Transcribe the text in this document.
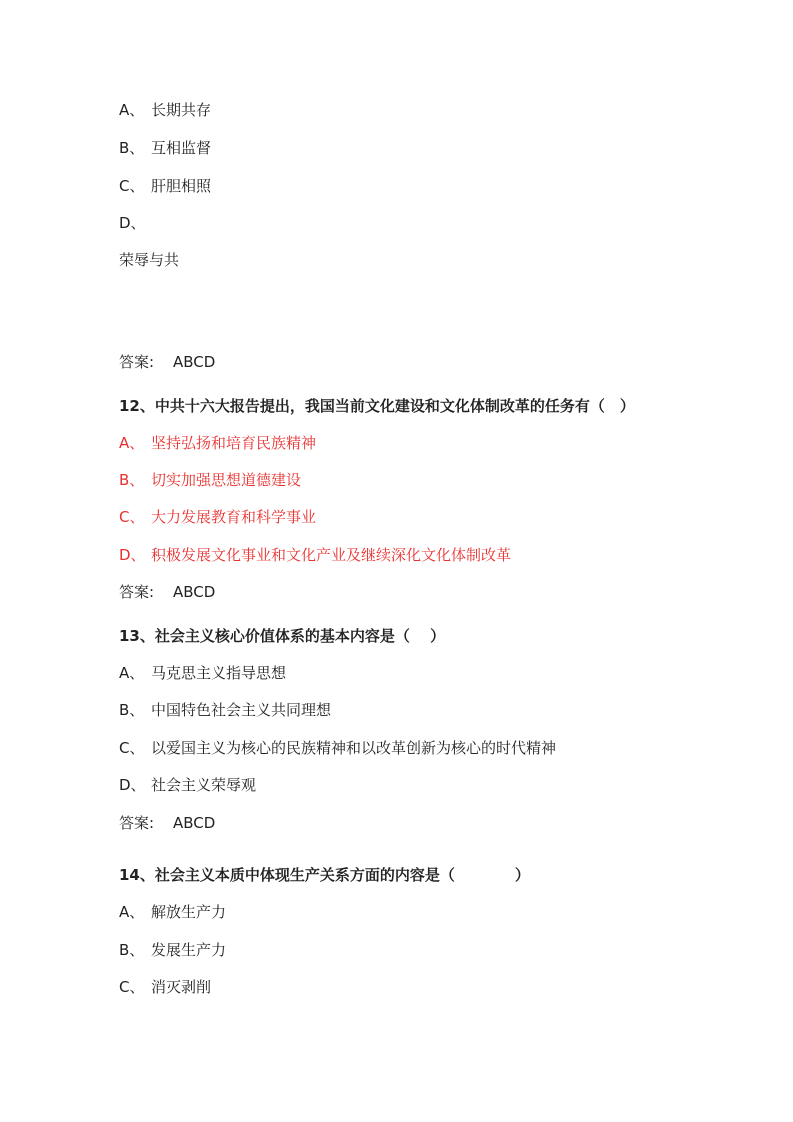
A、 长期共存
B、 互相监督
C、 肝胆相照
D、
荣辱与共
答案: ABCD
12、中共十六大报告提出，我国当前文化建设和文化体制改革的任务有（　）
A、 坚持弘扬和培育民族精神
B、 切实加强思想道德建设
C、 大力发展教育和科学事业
D、 积极发展文化事业和文化产业及继续深化文化体制改革
答案: ABCD
13、社会主义核心价值体系的基本内容是（　 ）
A、 马克思主义指导思想
B、 中国特色社会主义共同理想
C、 以爱国主义为核心的民族精神和以改革创新为核心的时代精神
D、 社会主义荣辱观
答案: ABCD
14、社会主义本质中体现生产关系方面的内容是（　　　　）
A、 解放生产力
B、 发展生产力
C、 消灭剥削
